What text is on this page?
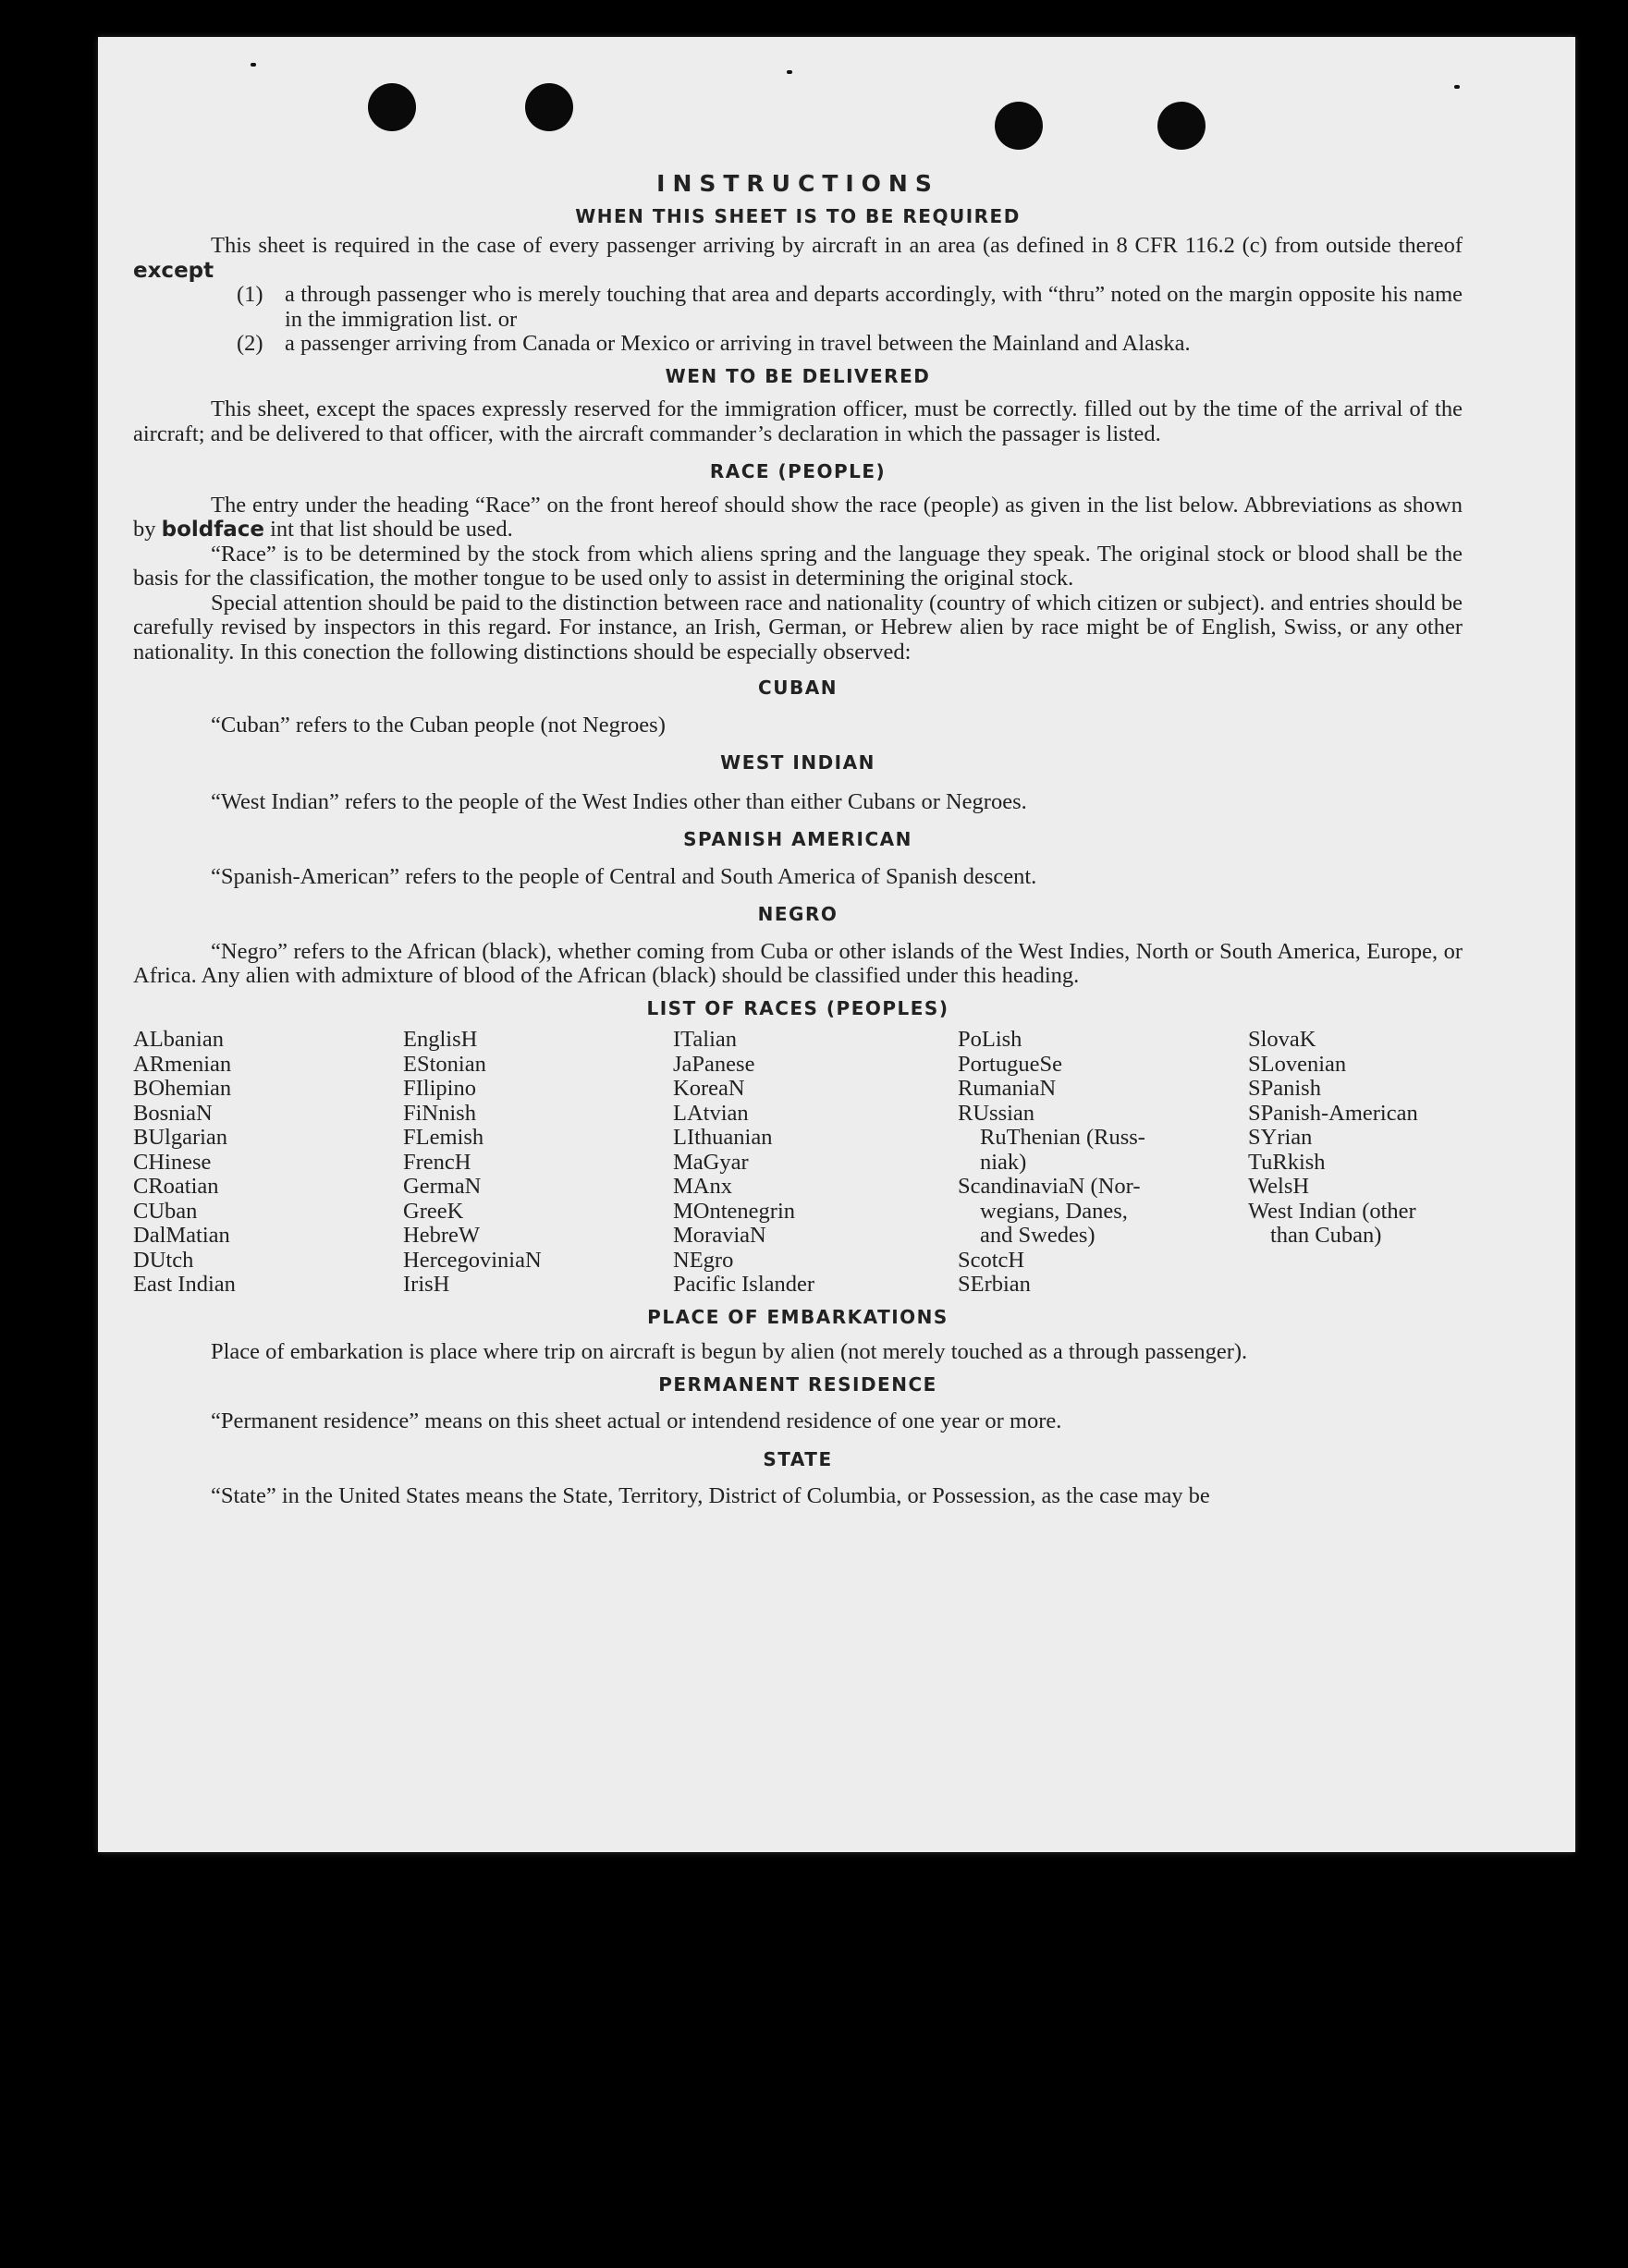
INSTRUCTIONS
WHEN THIS SHEET IS TO BE REQUIRED

This sheet is required in the case of every passenger arriving by aircraft in an area (as defined in 8 CFR 116.2 (c) from outside thereof except

(1) a through passenger who is merely touching that area and departs accordingly, with “thru” noted on the margin opposite his name in the immigration list. or
(2) a passenger arriving from Canada or Mexico or arriving in travel between the Mainland and Alaska.
WEN TO BE DELIVERED

This sheet, except the spaces expressly reserved for the immigration officer, must be correctly. filled out by the time of the arrival of the aircraft; and be delivered to that officer, with the aircraft commander’s declaration in which the passager is listed.

RACE (PEOPLE)

The entry under the heading “Race” on the front hereof should show the race (people) as given in the list below. Abbreviations as shown by boldface int that list should be used.

“Race” is to be determined by the stock from which aliens spring and the language they speak. The original stock or blood shall be the basis for the classification, the mother tongue to be used only to assist in determining the original stock.

Special attention should be paid to the distinction between race and nationality (country of which citizen or subject). and entries should be carefully revised by inspectors in this regard. For instance, an Irish, German, or Hebrew alien by race might be of English, Swiss, or any other nationality. In this conection the following distinctions should be especially observed:

CUBAN

“Cuban” refers to the Cuban people (not Negroes)

WEST INDIAN

“West Indian” refers to the people of the West Indies other than either Cubans or Negroes.

SPANISH AMERICAN

“Spanish-American” refers to the people of Central and South America of Spanish descent.

NEGRO

“Negro” refers to the African (black), whether coming from Cuba or other islands of the West Indies, North or South America, Europe, or Africa. Any alien with admixture of blood of the African (black) should be classified under this heading.

LIST OF RACES (PEOPLES)
ALbanian
ARmenian
BOhemian
BosniaN
BUlgarian
CHinese
CRoatian
CUban
DalMatian
DUtch
East Indian
EnglisH
EStonian
FIlipino
FiNnish
FLemish
FrencH
GermaN
GreeK
HebreW
HercegoviniaN
IrisH
ITalian
JaPanese
KoreaN
LAtvian
LIthuanian
MaGyar
MAnx
MOntenegrin
MoraviaN
NEgro
Pacific Islander
PoLish
PortugueSe
RumaniaN
RUssian
RuThenian (Russ-
niak)
ScandinaviaN (Nor-
wegians, Danes,
and Swedes)
ScotcH
SErbian
SlovaK
SLovenian
SPanish
SPanish-American
SYrian
TuRkish
WelsH
West Indian (other
than Cuban)
PLACE OF EMBARKATIONS

Place of embarkation is place where trip on aircraft is begun by alien (not merely touched as a through passenger).

PERMANENT RESIDENCE

“Permanent residence” means on this sheet actual or intendend residence of one year or more.

STATE

“State” in the United States means the State, Territory, District of Columbia, or Possession, as the case may be
